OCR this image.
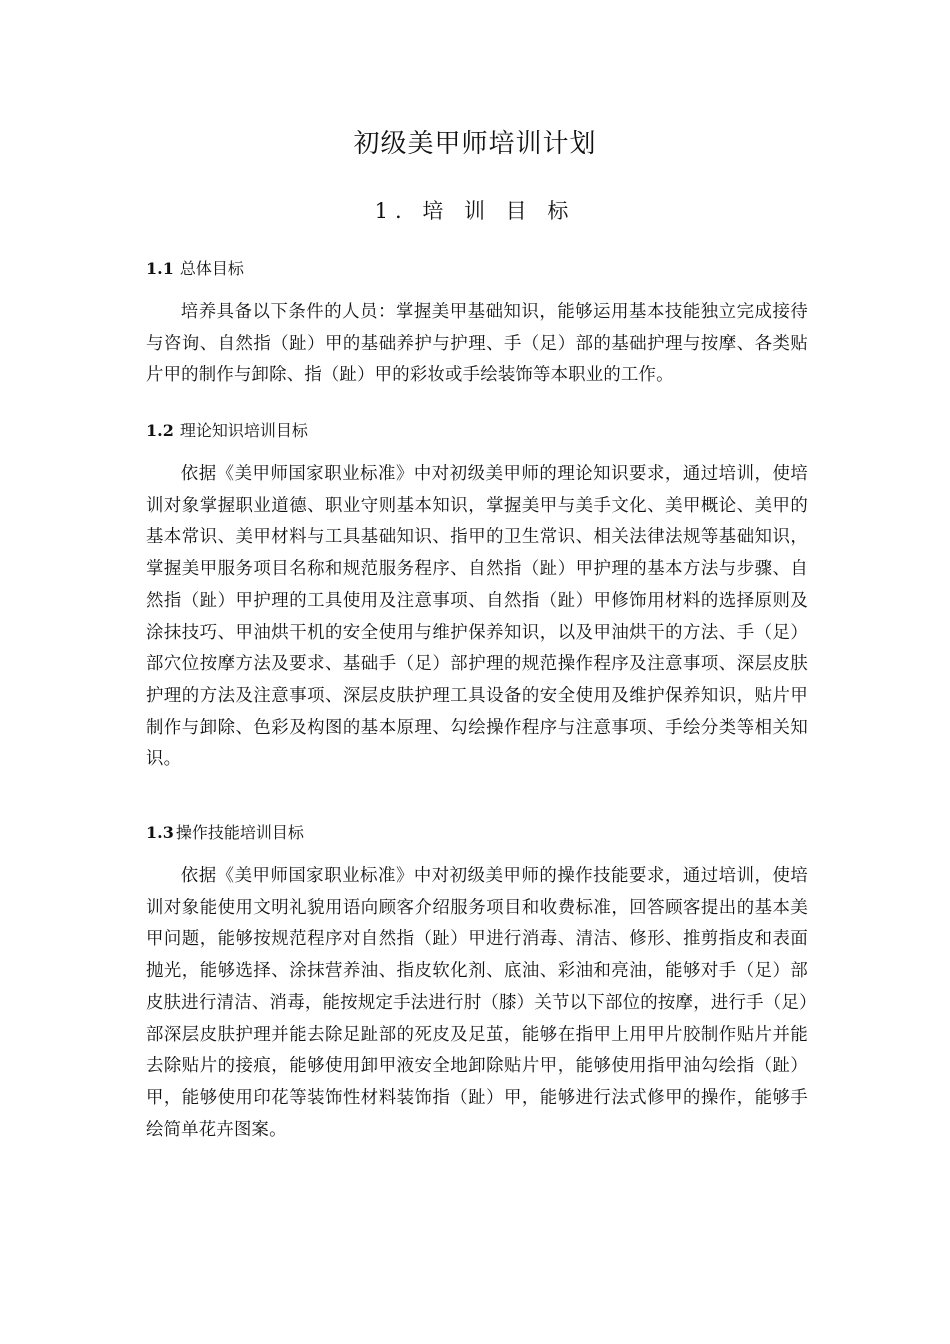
初级美甲师培训计划
1. 培 训 目 标
1.1 总体目标

培养具备以下条件的人员：掌握美甲基础知识，能够运用基本技能独立完成接待与咨询、自然指（趾）甲的基础养护与护理、手（足）部的基础护理与按摩、各类贴片甲的制作与卸除、指（趾）甲的彩妆或手绘装饰等本职业的工作。

1.2 理论知识培训目标

依据《美甲师国家职业标准》中对初级美甲师的理论知识要求，通过培训，使培训对象掌握职业道德、职业守则基本知识，掌握美甲与美手文化、美甲概论、美甲的基本常识、美甲材料与工具基础知识、指甲的卫生常识、相关法律法规等基础知识，掌握美甲服务项目名称和规范服务程序、自然指（趾）甲护理的基本方法与步骤、自然指（趾）甲护理的工具使用及注意事项、自然指（趾）甲修饰用材料的选择原则及涂抹技巧、甲油烘干机的安全使用与维护保养知识，以及甲油烘干的方法、手（足）部穴位按摩方法及要求、基础手（足）部护理的规范操作程序及注意事项、深层皮肤护理的方法及注意事项、深层皮肤护理工具设备的安全使用及维护保养知识，贴片甲制作与卸除、色彩及构图的基本原理、勾绘操作程序与注意事项、手绘分类等相关知识。

1.3 操作技能培训目标

依据《美甲师国家职业标准》中对初级美甲师的操作技能要求，通过培训，使培训对象能使用文明礼貌用语向顾客介绍服务项目和收费标准，回答顾客提出的基本美甲问题，能够按规范程序对自然指（趾）甲进行消毒、清洁、修形、推剪指皮和表面抛光，能够选择、涂抹营养油、指皮软化剂、底油、彩油和亮油，能够对手（足）部皮肤进行清洁、消毒，能按规定手法进行肘（膝）关节以下部位的按摩，进行手（足）部深层皮肤护理并能去除足趾部的死皮及足茧，能够在指甲上用甲片胶制作贴片并能去除贴片的接痕，能够使用卸甲液安全地卸除贴片甲，能够使用指甲油勾绘指（趾）甲，能够使用印花等装饰性材料装饰指（趾）甲，能够进行法式修甲的操作，能够手绘简单花卉图案。
